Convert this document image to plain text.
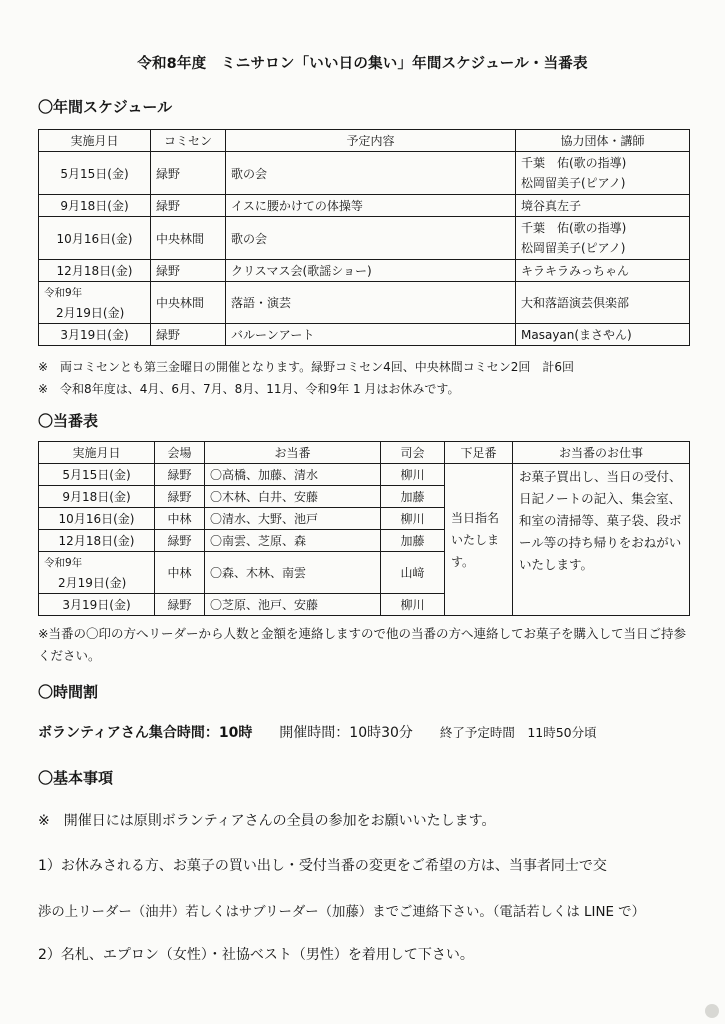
令和8年度　ミニサロン「いい日の集い」年間スケジュール・当番表
〇年間スケジュール
実施月日	コミセン	予定内容	協力団体・講師
5月15日(金)	緑野	歌の会	千葉　佑(歌の指導)
松岡留美子(ピアノ)

9月18日(金)	緑野	イスに腰かけての体操等	境谷真左子
10月16日(金)	中央林間	歌の会	千葉　佑(歌の指導)
松岡留美子(ピアノ)

12月18日(金)	緑野	クリスマス会(歌謡ショー)	キラキラみっちゃん

令和9年
2月19日(金)	中央林間	落語・演芸	大和落語演芸倶楽部
3月19日(金)	緑野	バルーンアート	Masayan(まさやん)
※　両コミセンとも第三金曜日の開催となります。緑野コミセン4回、中央林間コミセン2回　計6回
※　令和8年度は、4月、6月、7月、8月、11月、令和9年 1 月はお休みです。
〇当番表
実施月日	会場	お当番	司会	下足番	お当番のお仕事
5月15日(金)	緑野	〇高橋、加藤、清水	柳川	当日指名いたします。	お菓子買出し、当日の受付、日記ノートの記入、集会室、和室の清掃等、菓子袋、段ボール等の持ち帰りをおねがいいたします。
9月18日(金)	緑野	〇木林、白井、安藤	加藤		
10月16日(金)	中林	〇清水、大野、池戸	柳川		
12月18日(金)	緑野	〇南雲、芝原、森	加藤		

令和9年
2月19日(金)	中林	〇森、木林、南雲	山﨑		
3月19日(金)	緑野	〇芝原、池戸、安藤	柳川		
※当番の〇印の方へリーダーから人数と金額を連絡しますので他の当番の方へ連絡してお菓子を購入して当日ご持参ください。
〇時間割
ボランティアさん集合時間：10時 開催時間：10時30分 終了予定時間　11時50分頃
〇基本事項
※　開催日には原則ボランティアさんの全員の参加をお願いいたします。
1）お休みされる方、お菓子の買い出し・受付当番の変更をご希望の方は、当事者同士で交
渉の上リーダー（油井）若しくはサブリーダー（加藤）までご連絡下さい。（電話若しくは LINE で）
2）名札、エプロン（女性）・社協ベスト（男性）を着用して下さい。
